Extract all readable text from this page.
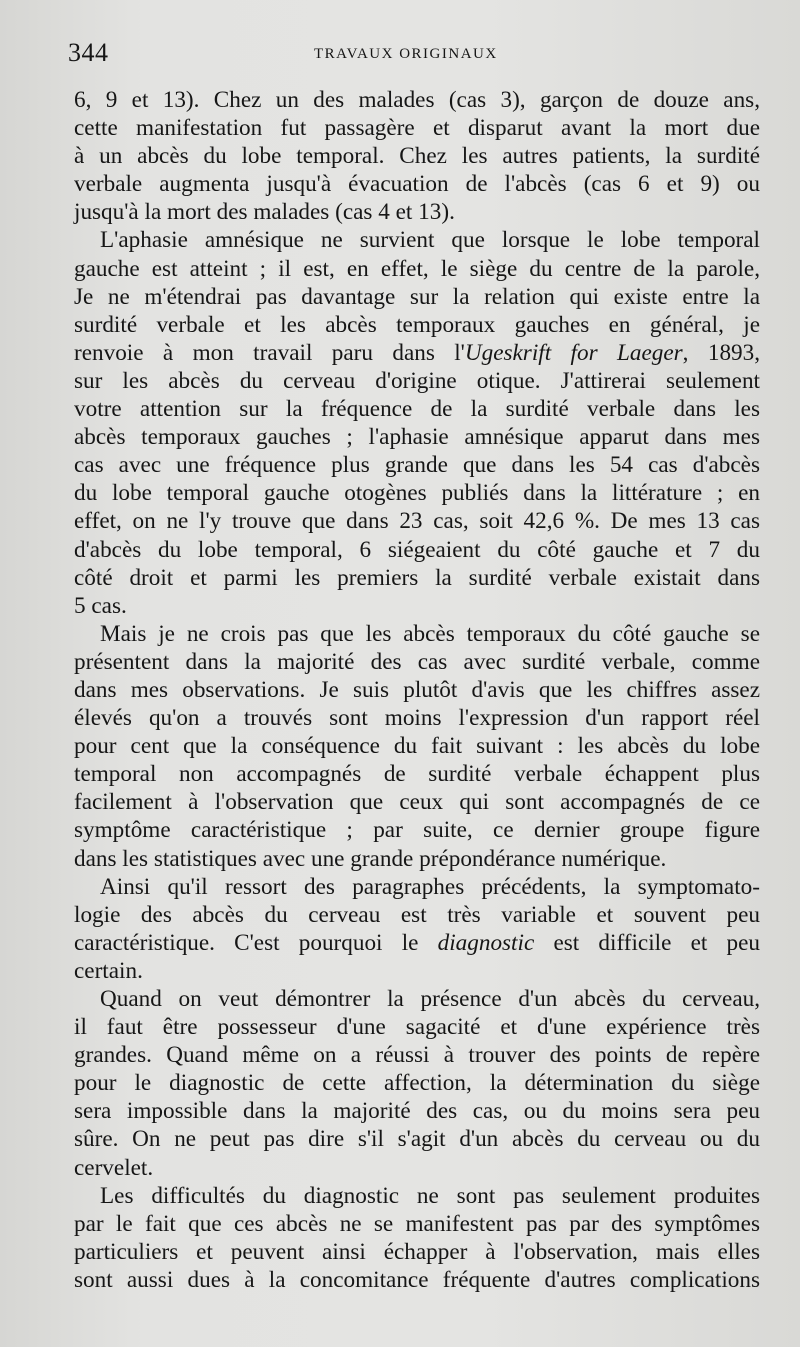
344	TRAVAUX ORIGINAUX
6, 9 et 13). Chez un des malades (cas 3), garçon de douze ans,
cette manifestation fut passagère et disparut avant la mort due
à un abcès du lobe temporal. Chez les autres patients, la surdité
verbale augmenta jusqu'à évacuation de l'abcès (cas 6 et 9) ou
jusqu'à la mort des malades (cas 4 et 13).
L'aphasie amnésique ne survient que lorsque le lobe temporal
gauche est atteint ; il est, en effet, le siège du centre de la parole,
Je ne m'étendrai pas davantage sur la relation qui existe entre la
surdité verbale et les abcès temporaux gauches en général, je
renvoie à mon travail paru dans l'Ugeskrift for Laeger, 1893,
sur les abcès du cerveau d'origine otique. J'attirerai seulement
votre attention sur la fréquence de la surdité verbale dans les
abcès temporaux gauches ; l'aphasie amnésique apparut dans mes
cas avec une fréquence plus grande que dans les 54 cas d'abcès
du lobe temporal gauche otogènes publiés dans la littérature ; en
effet, on ne l'y trouve que dans 23 cas, soit 42,6 %. De mes 13 cas
d'abcès du lobe temporal, 6 siégeaient du côté gauche et 7 du
côté droit et parmi les premiers la surdité verbale existait dans
5 cas.
Mais je ne crois pas que les abcès temporaux du côté gauche se
présentent dans la majorité des cas avec surdité verbale, comme
dans mes observations. Je suis plutôt d'avis que les chiffres assez
élevés qu'on a trouvés sont moins l'expression d'un rapport réel
pour cent que la conséquence du fait suivant : les abcès du lobe
temporal non accompagnés de surdité verbale échappent plus
facilement à l'observation que ceux qui sont accompagnés de ce
symptôme caractéristique ; par suite, ce dernier groupe figure
dans les statistiques avec une grande prépondérance numérique.
Ainsi qu'il ressort des paragraphes précédents, la symptomato-
logie des abcès du cerveau est très variable et souvent peu
caractéristique. C'est pourquoi le diagnostic est difficile et peu
certain.
Quand on veut démontrer la présence d'un abcès du cerveau,
il faut être possesseur d'une sagacité et d'une expérience très
grandes. Quand même on a réussi à trouver des points de repère
pour le diagnostic de cette affection, la détermination du siège
sera impossible dans la majorité des cas, ou du moins sera peu
sûre. On ne peut pas dire s'il s'agit d'un abcès du cerveau ou du
cervelet.
Les difficultés du diagnostic ne sont pas seulement produites
par le fait que ces abcès ne se manifestent pas par des symptômes
particuliers et peuvent ainsi échapper à l'observation, mais elles
sont aussi dues à la concomitance fréquente d'autres complications
